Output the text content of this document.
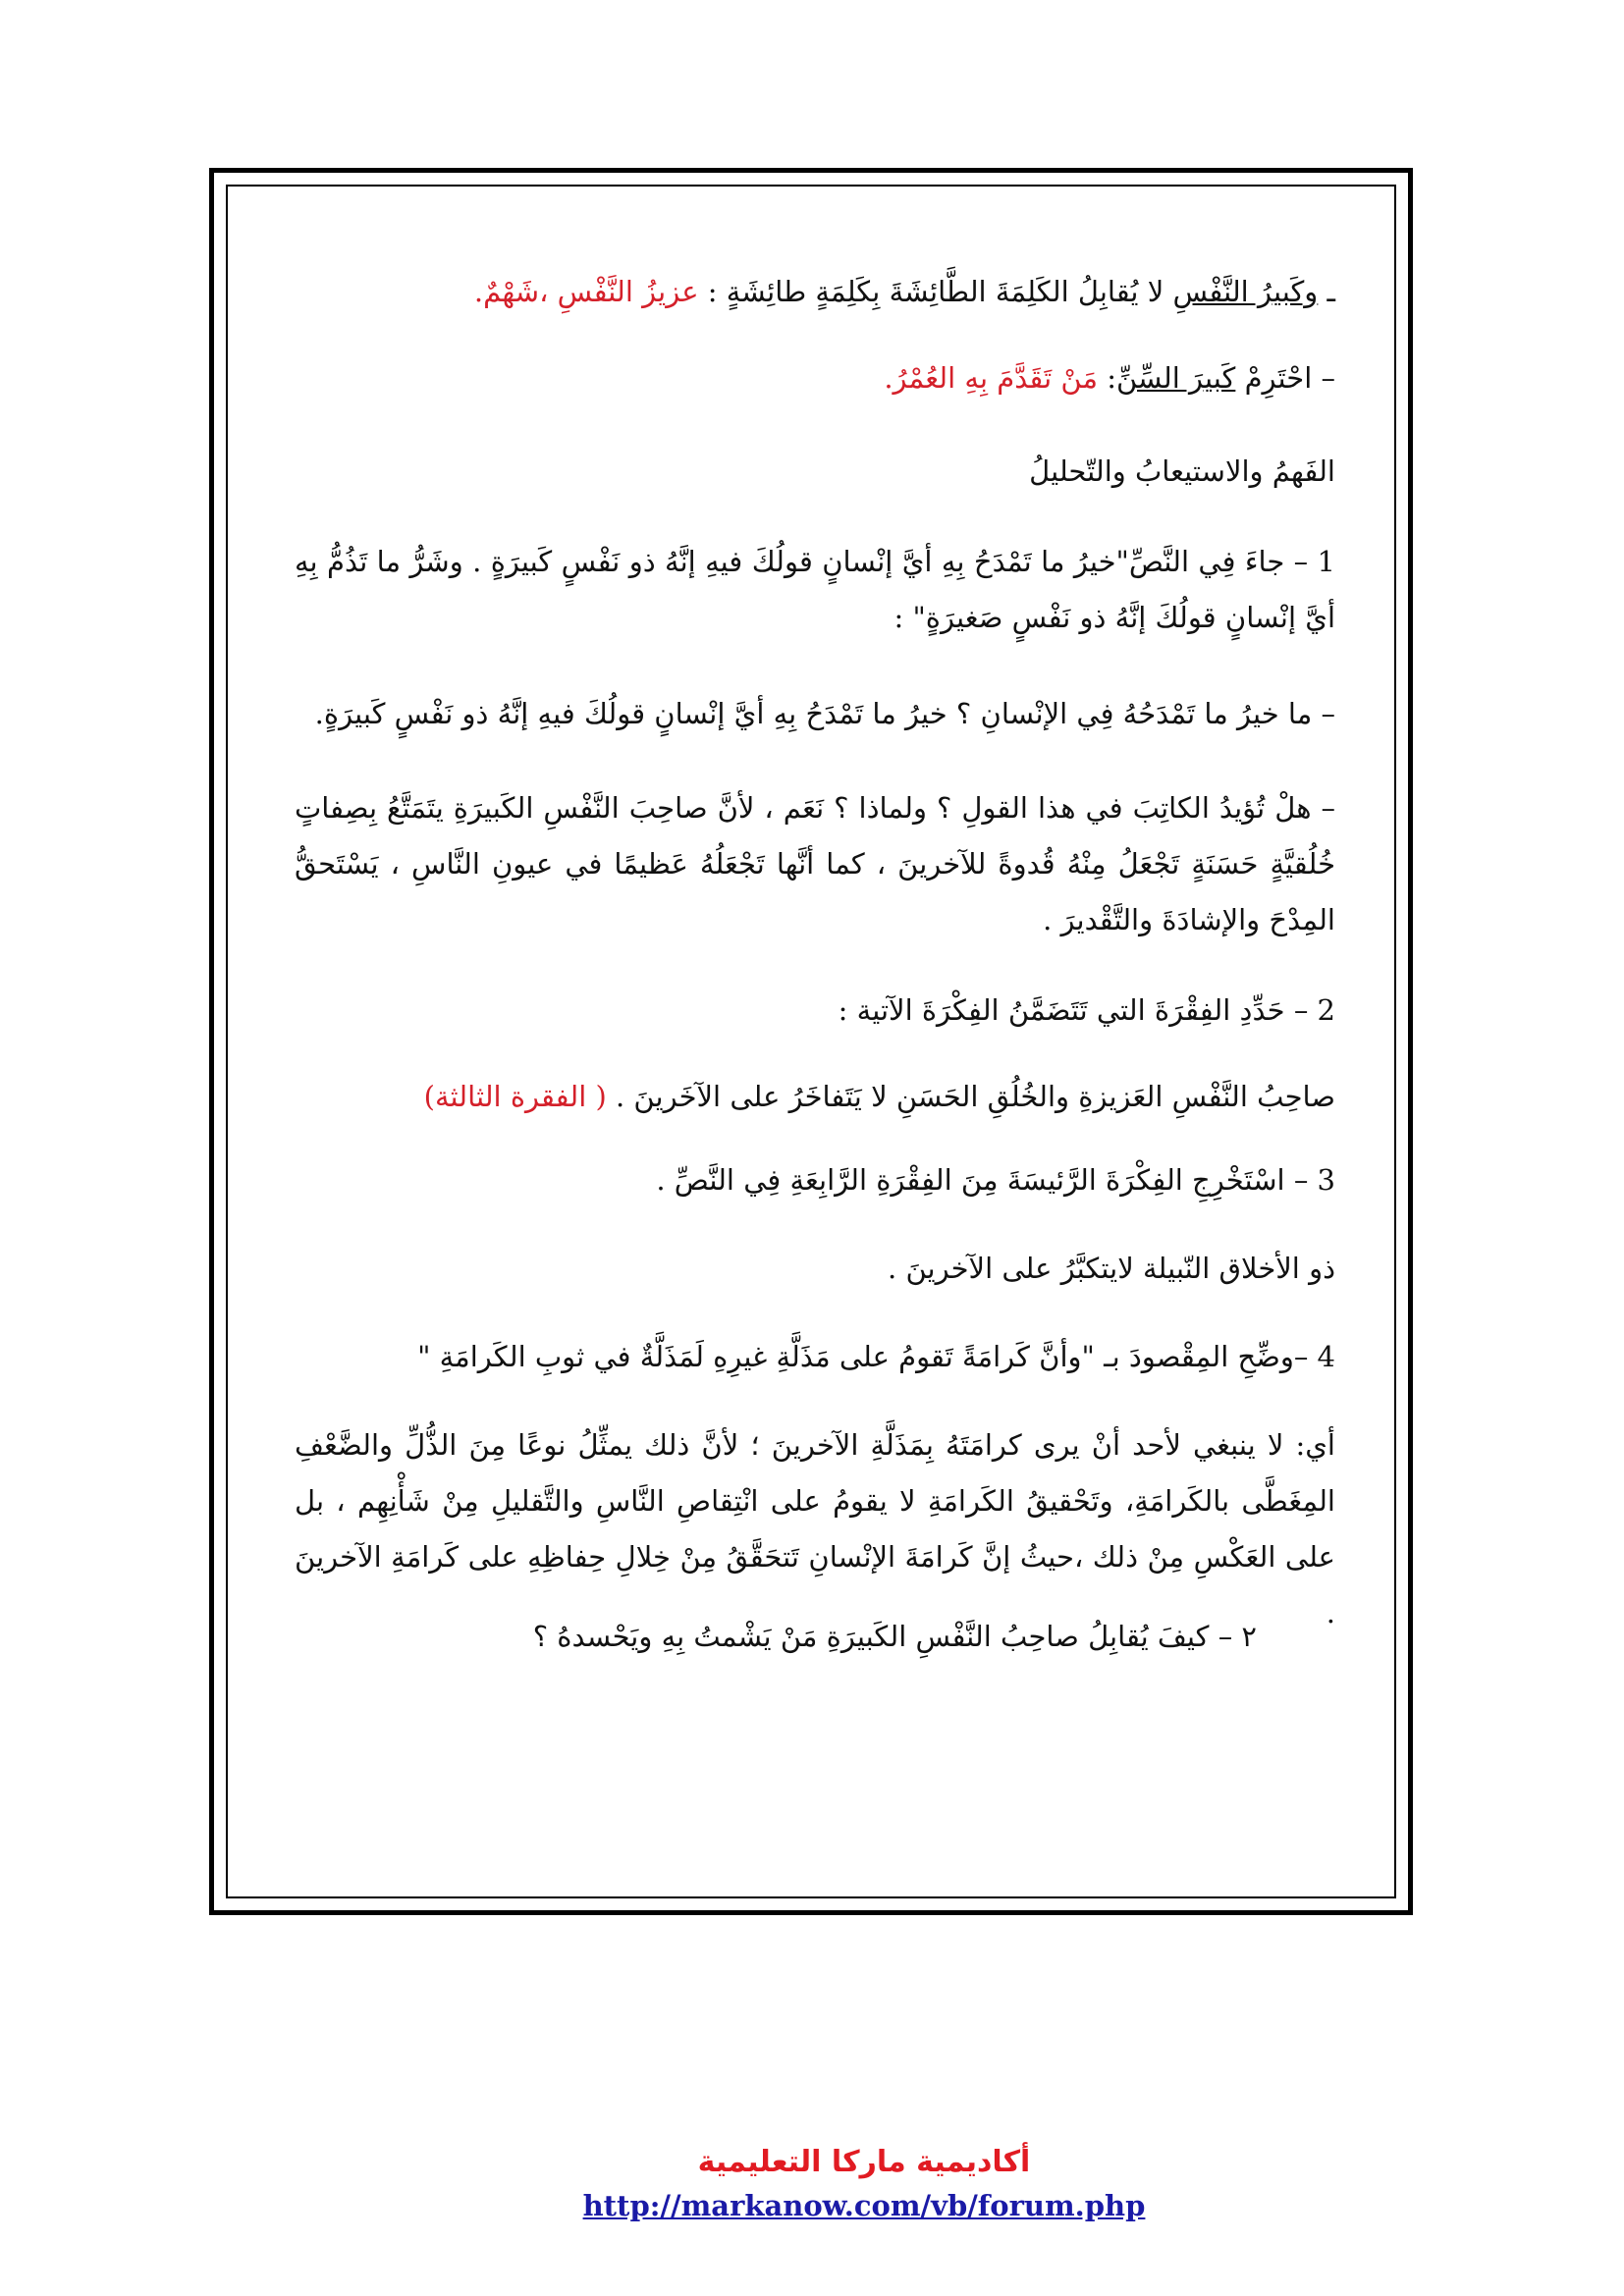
ـ وكَبيرُ النَّفْسِ لا يُقابِلُ الكَلِمَةَ الطَّائِشَةَ بِكَلِمَةٍ طائِشَةٍ : عزيزُ النَّفْسِ ،شَهْمٌ.
– احْتَرِمْ كَبيرَ السِّنِّ: مَنْ تَقَدَّمَ بِهِ العُمْرُ.
الفَهمُ والاستيعابُ والتّحليلُ
1 – جاءَ فِي النَّصِّ"خيرُ ما تَمْدَحُ بِهِ أيَّ إنْسانٍ قولُكَ فيهِ إنَّهُ ذو نَفْسٍ كَبيرَةٍ . وشَرُّ ما تَذُمُّ بِهِ أيَّ إنْسانٍ قولُكَ إنَّهُ ذو نَفْسٍ صَغيرَةٍ" :
– ما خيرُ ما تَمْدَحُهُ فِي الإنْسانِ ؟ خيرُ ما تَمْدَحُ بِهِ أيَّ إنْسانٍ قولُكَ فيهِ إنَّهُ ذو نَفْسٍ كَبيرَةٍ.
– هلْ تُؤيدُ الكاتِبَ في هذا القولِ ؟ ولماذا ؟ نَعَم ، لأنَّ صاحِبَ النَّفْسِ الكَبيرَةِ يتَمَتَّعُ بِصِفاتٍ خُلُقيَّةٍ حَسَنَةٍ تَجْعَلُ مِنْهُ قُدوةً للآخرينَ ، كما أنَّها تَجْعَلُهُ عَظيمًا في عيونِ النَّاسِ ، يَسْتَحقُّ المِدْحَ والإشادَةَ والتَّقْديرَ .
2 – حَدِّدِ الفِقْرَةَ التي تَتَضَمَّنُ الفِكْرَةَ الآتية :
صاحِبُ النَّفْسِ العَزيزةِ والخُلُقِ الحَسَنِ لا يَتَفاخَرُ على الآخَرينَ . ( الفقرة الثالثة)
3 – اسْتَخْرِجِ الفِكْرَةَ الرَّئيسَةَ مِنَ الفِقْرَةِ الرَّابِعَةِ فِي النَّصِّ .
ذو الأخلاق النّبيلة لايتكبَّرُ على الآخرينَ .
4 –وضِّحِ المِقْصودَ بـ "وأنَّ كَرامَةً تَقومُ على مَذَلَّةِ غيرِهِ لَمَذَلَّةٌ في ثوبِ الكَرامَةِ "
أي: لا ينبغي لأحد أنْ يرى كرامَتَهُ بِمَذَلَّةِ الآخرينَ ؛ لأنَّ ذلك يمثِّلُ نوعًا مِنَ الذُّلِّ والضَّعْفِ المِغَطَّى بالكَرامَةِ، وتَحْقيقُ الكَرامَةِ لا يقومُ على انْتِقاصِ النَّاسِ والتَّقليلِ مِنْ شَأْنِهِم ، بل على العَكْسِ مِنْ ذلك ،حيثُ إنَّ كَرامَةَ الإنْسانِ تَتحَقَّقُ مِنْ خِلالِ حِفاظِهِ على كَرامَةِ الآخرينَ .
٢ – كيفَ يُقابِلُ صاحِبُ النَّفْسِ الكَبيرَةِ مَنْ يَشْمتُ بِهِ ويَحْسدهُ ؟
أكاديمية ماركا التعليمية
http://markanow.com/vb/forum.php
